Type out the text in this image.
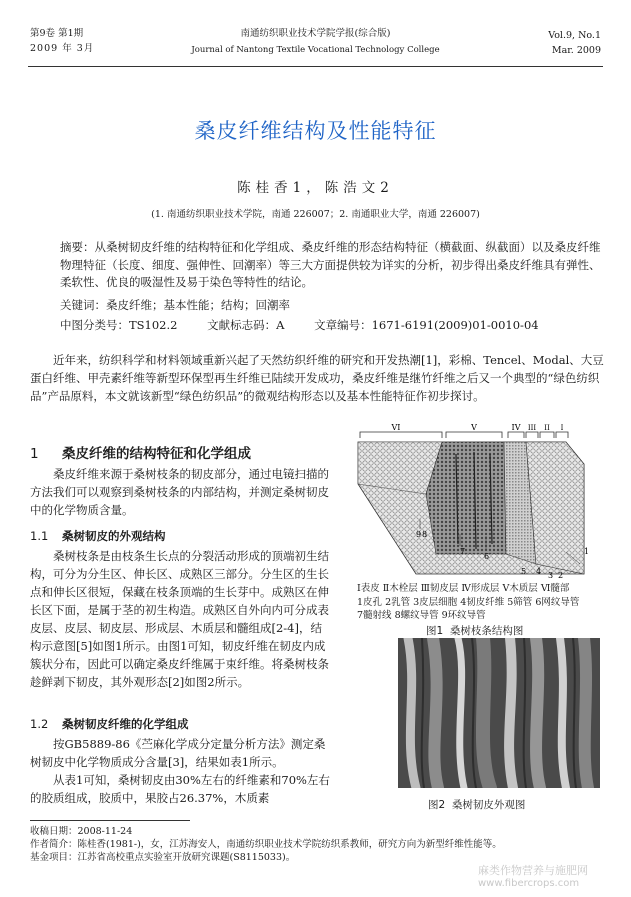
第9卷 第1期
2009 年 3月
南通纺织职业技术学院学报(综合版)
Journal of Nantong Textile Vocational Technology College
Vol.9, No.1
Mar. 2009
桑皮纤维结构及性能特征
陈桂香1，陈浩文2
(1. 南通纺织职业技术学院，南通 226007；2. 南通职业大学，南通 226007)
摘要：从桑树韧皮纤维的结构特征和化学组成、桑皮纤维的形态结构特征（横截面、纵截面）以及桑皮纤维物理特征（长度、细度、强伸性、回潮率）等三大方面提供较为详实的分析，初步得出桑皮纤维具有弹性、柔软性、优良的吸湿性及易于染色等特性的结论。
关键词：桑皮纤维；基本性能；结构；回潮率
中图分类号：TS102.2	文献标志码：A	文章编号：1671-6191(2009)01-0010-04
近年来，纺织科学和材料领域重新兴起了天然纺织纤维的研究和开发热潮[1]，彩棉、Tencel、Modal、大豆蛋白纤维、甲壳素纤维等新型环保型再生纤维已陆续开发成功，桑皮纤维是继竹纤维之后又一个典型的“绿色纺织品”产品原料，本文就该新型“绿色纺织品”的微观结构形态以及基本性能特征作初步探讨。
1 桑皮纤维的结构特征和化学组成

桑皮纤维来源于桑树枝条的韧皮部分，通过电镜扫描的方法我们可以观察到桑树枝条的内部结构，并测定桑树韧皮中的化学物质含量。

1.1 桑树韧皮的外观结构

桑树枝条是由枝条生长点的分裂活动形成的顶端初生结构，可分为分生区、伸长区、成熟区三部分。分生区的生长点和伸长区很短，保藏在枝条顶端的生长芽中。成熟区在伸长区下面，是属于茎的初生构造。成熟区自外向内可分成表皮层、皮层、韧皮层、形成层、木质层和髓组成[2-4]，结构示意图[5]如图1所示。由图1可知，韧皮纤维在韧皮内成簇状分布，因此可以确定桑皮纤维属于束纤维。将桑树枝条趁鲜剥下韧皮，其外观形态[2]如图2所示。

1.2 桑树韧皮纤维的化学组成

按GB5889-86《苎麻化学成分定量分析方法》测定桑树韧皮中化学物质成分含量[3]，结果如表1所示。

从表1可知，桑树韧皮由30%左右的纤维素和70%左右的胶质组成，胶质中，果胶占26.37%，木质素

VI	V	IV III II I
9 8
7
6
5 4 3 2
1
Ⅰ表皮 Ⅱ木栓层 Ⅲ韧皮层 Ⅳ形成层 Ⅴ木质层 Ⅵ髓部
1皮孔 2乳管 3皮层细胞 4韧皮纤维 5筛管 6网纹导管
7髓射线 8螺纹导管 9环纹导管
图1 桑树枝条结构图
图2 桑树韧皮外观图
收稿日期：2008-11-24
作者简介：陈桂香(1981-)，女，江苏海安人，南通纺织职业技术学院纺织系教师，研究方向为新型纤维性能等。
基金项目：江苏省高校重点实验室开放研究课题(S8115033)。
麻类作物营养与施肥网
www.fibercrops.com
